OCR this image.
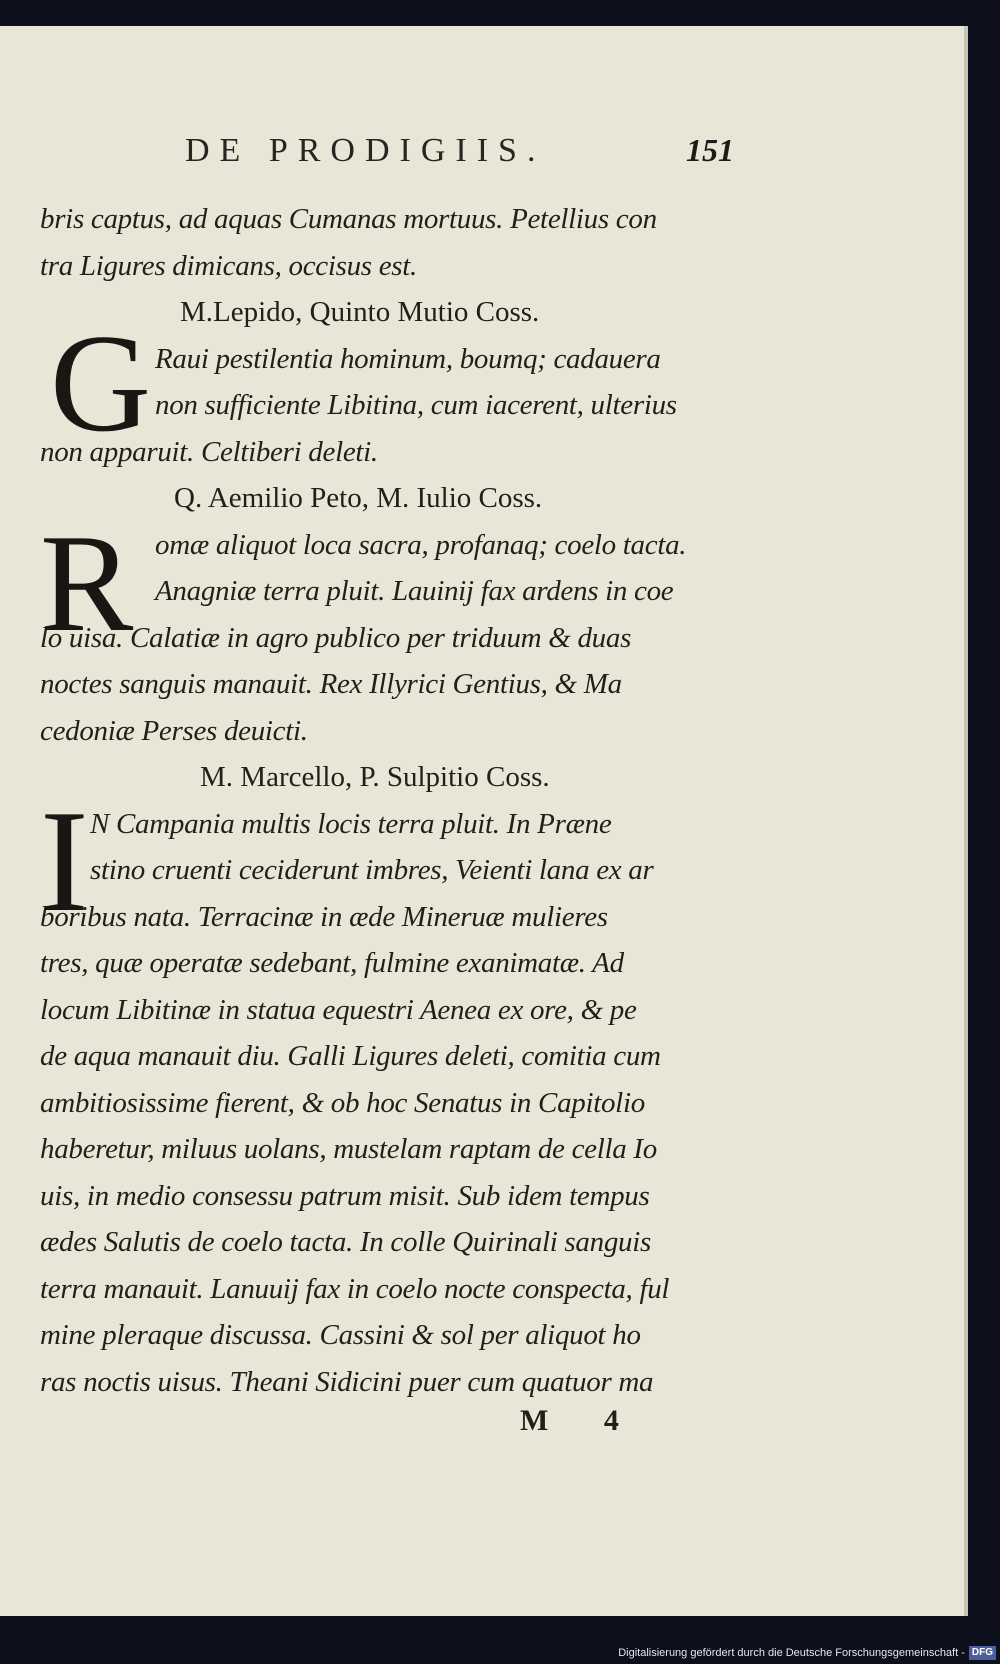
DE PRODIGIIS.	151
G
R
I
bris captus, ad aquas Cumanas mortuus. Petellius con
tra Ligures dimicans, occisus est.
M.Lepido, Quinto Mutio Coss.
Raui pestilentia hominum, boumq; cadauera
non sufficiente Libitina, cum iacerent, ulterius
non apparuit. Celtiberi deleti.
Q. Aemilio Peto, M. Iulio Coss.
omæ aliquot loca sacra, profanaq; coelo tacta.
Anagniæ terra pluit. Lauinij fax ardens in coe
lo uisa. Calatiæ in agro publico per triduum & duas
noctes sanguis manauit. Rex Illyrici Gentius, & Ma
cedoniæ Perses deuicti.
M. Marcello, P. Sulpitio Coss.
N Campania multis locis terra pluit. In Præne
stino cruenti ceciderunt imbres, Veienti lana ex ar
boribus nata. Terracinæ in æde Mineruæ mulieres
tres, quæ operatæ sedebant, fulmine exanimatæ. Ad
locum Libitinæ in statua equestri Aenea ex ore, & pe
de aqua manauit diu. Galli Ligures deleti, comitia cum
ambitiosissime fierent, & ob hoc Senatus in Capitolio
haberetur, miluus uolans, mustelam raptam de cella Io
uis, in medio consessu patrum misit. Sub idem tempus
ædes Salutis de coelo tacta. In colle Quirinali sanguis
terra manauit. Lanuuij fax in coelo nocte conspecta, ful
mine pleraque discussa. Cassini & sol per aliquot ho
ras noctis uisus. Theani Sidicini puer cum quatuor ma
M 4
Digitalisierung gefördert durch die Deutsche Forschungsgemeinschaft - DFG
